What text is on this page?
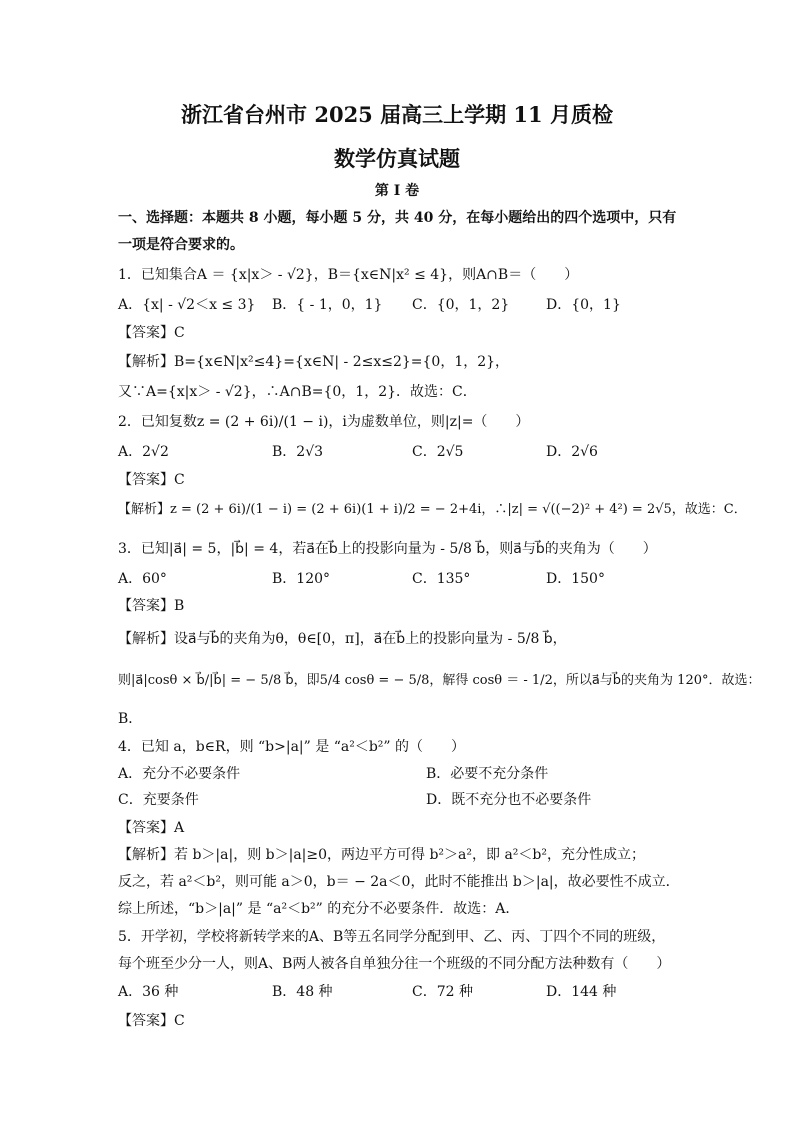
浙江省台州市 2025 届高三上学期 11 月质检
数学仿真试题
第 I 卷
一、选择题：本题共 8 小题，每小题 5 分，共 40 分，在每小题给出的四个选项中，只有
一项是符合要求的。
1．已知集合A ＝ {x|x＞ - √2}，B＝{x∈N|x² ≤ 4}，则A∩B＝（　　）
A．{x| - √2＜x ≤ 3} B．{ - 1，0，1} C．{0，1，2}	D．{0，1}
【答案】C
【解析】B={x∈N|x²≤4}={x∈N| - 2≤x≤2}={0，1，2}，
又∵A={x|x＞ - √2}，∴A∩B={0，1，2}．故选：C．
2．已知复数z = (2 + 6i)/(1 − i)，i为虚数单位，则|z|=（　　）
A．2√2	B．2√3	C．2√5	D．2√6
【答案】C
【解析】z = (2 + 6i)/(1 − i) = (2 + 6i)(1 + i)/2 = − 2+4i，∴|z| = √((−2)² + 4²) = 2√5，故选：C．
3．已知|a⃗| = 5，|b⃗| = 4，若a⃗在b⃗上的投影向量为 - 5/8 b⃗，则a⃗与b⃗的夹角为（　　）
A．60°	B．120°	C．135°	D．150°
【答案】B
【解析】设a⃗与b⃗的夹角为θ，θ∈[0，π]，a⃗在b⃗上的投影向量为 - 5/8 b⃗，
则|a⃗|cosθ × b⃗/|b⃗| = − 5/8 b⃗，即5/4 cosθ = − 5/8，解得 cosθ ＝ - 1/2，所以a⃗与b⃗的夹角为 120°．故选：
B．
4．已知 a，b∈R，则 “b>|a|” 是 “a²＜b²” 的（　　）
A．充分不必要条件	B．必要不充分条件
C．充要条件	D．既不充分也不必要条件
【答案】A
【解析】若 b＞|a|，则 b＞|a|≥0，两边平方可得 b²＞a²，即 a²＜b²，充分性成立；
反之，若 a²＜b²，则可能 a＞0，b＝ − 2a＜0，此时不能推出 b＞|a|，故必要性不成立．
综上所述，“b＞|a|” 是 “a²＜b²” 的充分不必要条件．故选：A．
5．开学初，学校将新转学来的A、B等五名同学分配到甲、乙、丙、丁四个不同的班级，
每个班至少分一人，则A、B两人被各自单独分往一个班级的不同分配方法种数有（　　）
A．36 种	B．48 种	C．72 种	D．144 种
【答案】C
